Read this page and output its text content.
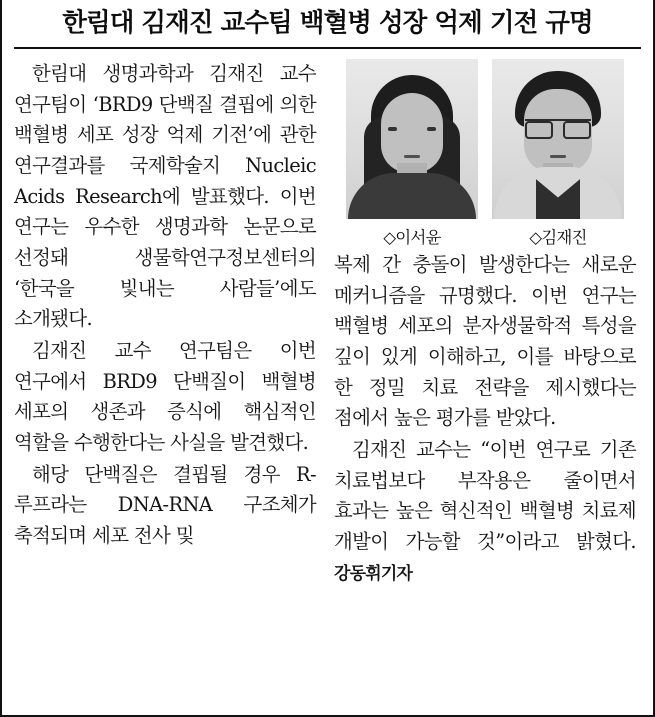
한림대 김재진 교수팀 백혈병 성장 억제 기전 규명

한림대 생명과학과 김재진 교수 연구팀이 ‘BRD9 단백질 결핍에 의한 백혈병 세포 성장 억제 기전’에 관한 연구결과를 국제학술지 Nucleic Acids Research에 발표했다. 이번 연구는 우수한 생명과학 논문으로 선정돼 생물학연구정보센터의 ‘한국을 빛내는 사람들’에도 소개됐다.

김재진 교수 연구팀은 이번 연구에서 BRD9 단백질이 백혈병 세포의 생존과 증식에 핵심적인 역할을 수행한다는 사실을 발견했다.

해당 단백질은 결핍될 경우 R-루프라는 DNA-RNA 구조체가 축적되며 세포 전사 및

◇이서윤	◇김재진

복제 간 충돌이 발생한다는 새로운 메커니즘을 규명했다. 이번 연구는 백혈병 세포의 분자생물학적 특성을 깊이 있게 이해하고, 이를 바탕으로 한 정밀 치료 전략을 제시했다는 점에서 높은 평가를 받았다.

김재진 교수는 “이번 연구로 기존 치료법보다 부작용은 줄이면서 효과는 높은 혁신적인 백혈병 치료제 개발이 가능할 것”이라고 밝혔다. 강동휘기자
